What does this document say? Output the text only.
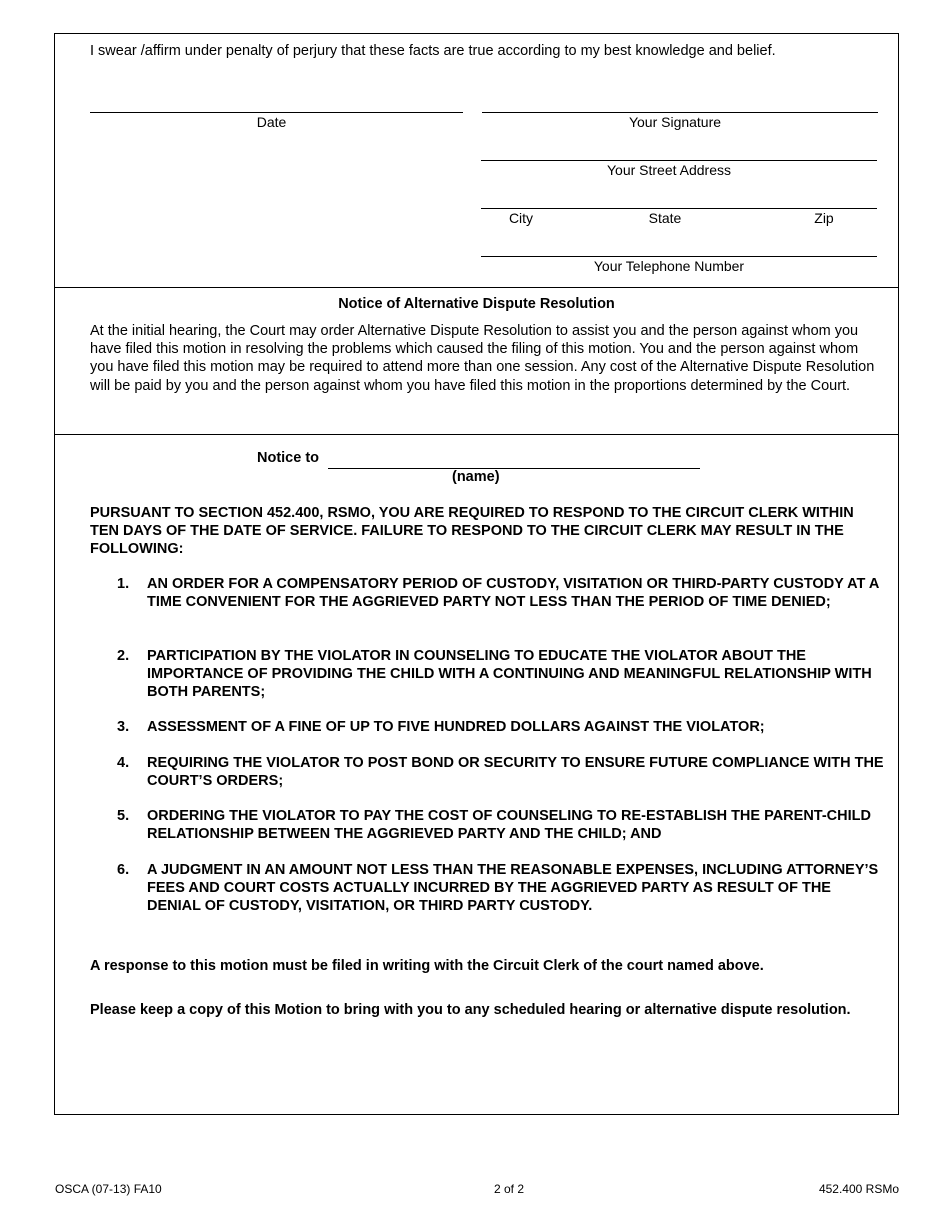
I swear /affirm under penalty of perjury that these facts are true according to my best knowledge and belief.
Date	Your Signature
Your Street Address
City	State	Zip
Your Telephone Number
Notice of Alternative Dispute Resolution
At the initial hearing, the Court may order Alternative Dispute Resolution to assist you and the person against whom you have filed this motion in resolving the problems which caused the filing of this motion. You and the person against whom you have filed this motion may be required to attend more than one session. Any cost of the Alternative Dispute Resolution will be paid by you and the person against whom you have filed this motion in the proportions determined by the Court.
Notice to
(name)
PURSUANT TO SECTION 452.400, RSMO, YOU ARE REQUIRED TO RESPOND TO THE CIRCUIT CLERK WITHIN TEN DAYS OF THE DATE OF SERVICE. FAILURE TO RESPOND TO THE CIRCUIT CLERK MAY RESULT IN THE FOLLOWING:
1.	AN ORDER FOR A COMPENSATORY PERIOD OF CUSTODY, VISITATION OR THIRD-PARTY CUSTODY AT A TIME CONVENIENT FOR THE AGGRIEVED PARTY NOT LESS THAN THE PERIOD OF TIME DENIED;
2.	PARTICIPATION BY THE VIOLATOR IN COUNSELING TO EDUCATE THE VIOLATOR ABOUT THE IMPORTANCE OF PROVIDING THE CHILD WITH A CONTINUING AND MEANINGFUL RELATIONSHIP WITH BOTH PARENTS;
3.	ASSESSMENT OF A FINE OF UP TO FIVE HUNDRED DOLLARS AGAINST THE VIOLATOR;
4.	REQUIRING THE VIOLATOR TO POST BOND OR SECURITY TO ENSURE FUTURE COMPLIANCE WITH THE COURT’S ORDERS;
5.	ORDERING THE VIOLATOR TO PAY THE COST OF COUNSELING TO RE-ESTABLISH THE PARENT-CHILD RELATIONSHIP BETWEEN THE AGGRIEVED PARTY AND THE CHILD; AND
6.	A JUDGMENT IN AN AMOUNT NOT LESS THAN THE REASONABLE EXPENSES, INCLUDING ATTORNEY’S FEES AND COURT COSTS ACTUALLY INCURRED BY THE AGGRIEVED PARTY AS RESULT OF THE DENIAL OF CUSTODY, VISITATION, OR THIRD PARTY CUSTODY.
A response to this motion must be filed in writing with the Circuit Clerk of the court named above.
Please keep a copy of this Motion to bring with you to any scheduled hearing or alternative dispute resolution.
OSCA (07-13) FA10	2 of 2	452.400 RSMo
